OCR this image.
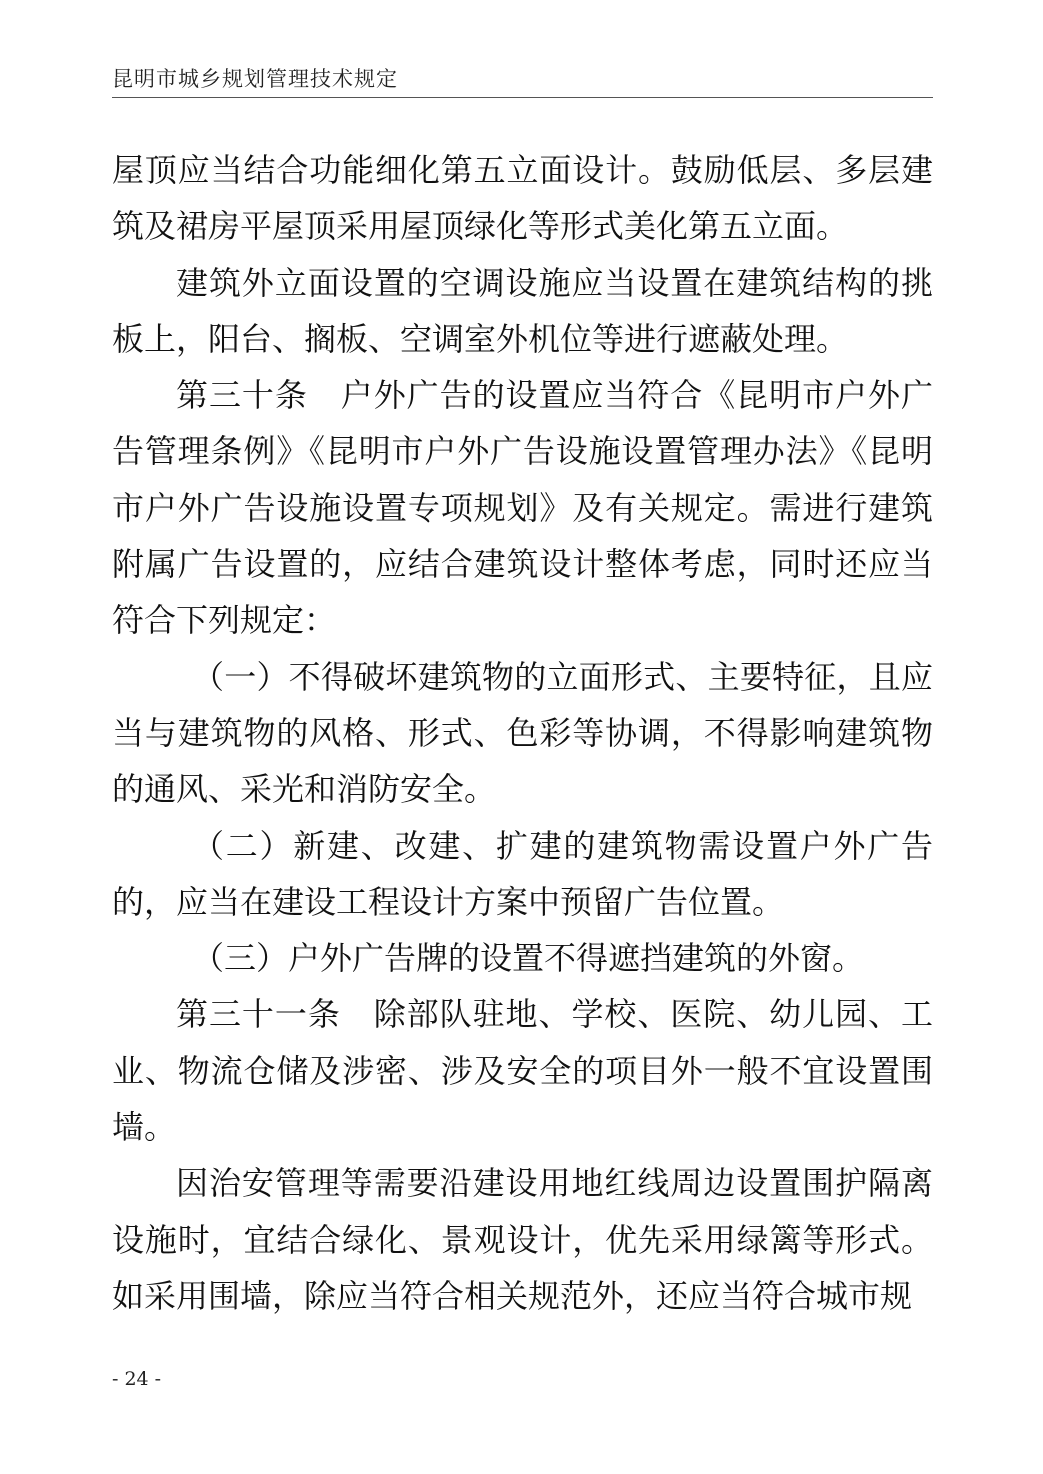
昆明市城乡规划管理技术规定

屋顶应当结合功能细化第五立面设计。鼓励低层、多层建筑及裙房平屋顶采用屋顶绿化等形式美化第五立面。

建筑外立面设置的空调设施应当设置在建筑结构的挑板上，阳台、搁板、空调室外机位等进行遮蔽处理。

第三十条　户外广告的设置应当符合《昆明市户外广告管理条例》《昆明市户外广告设施设置管理办法》《昆明市户外广告设施设置专项规划》及有关规定。需进行建筑附属广告设置的，应结合建筑设计整体考虑，同时还应当符合下列规定：

（一）不得破坏建筑物的立面形式、主要特征，且应当与建筑物的风格、形式、色彩等协调，不得影响建筑物的通风、采光和消防安全。

（二）新建、改建、扩建的建筑物需设置户外广告的，应当在建设工程设计方案中预留广告位置。

（三）户外广告牌的设置不得遮挡建筑的外窗。

第三十一条　除部队驻地、学校、医院、幼儿园、工业、物流仓储及涉密、涉及安全的项目外一般不宜设置围墙。

因治安管理等需要沿建设用地红线周边设置围护隔离设施时，宜结合绿化、景观设计，优先采用绿篱等形式。如采用围墙，除应当符合相关规范外，还应当符合城市规

- 24 -
